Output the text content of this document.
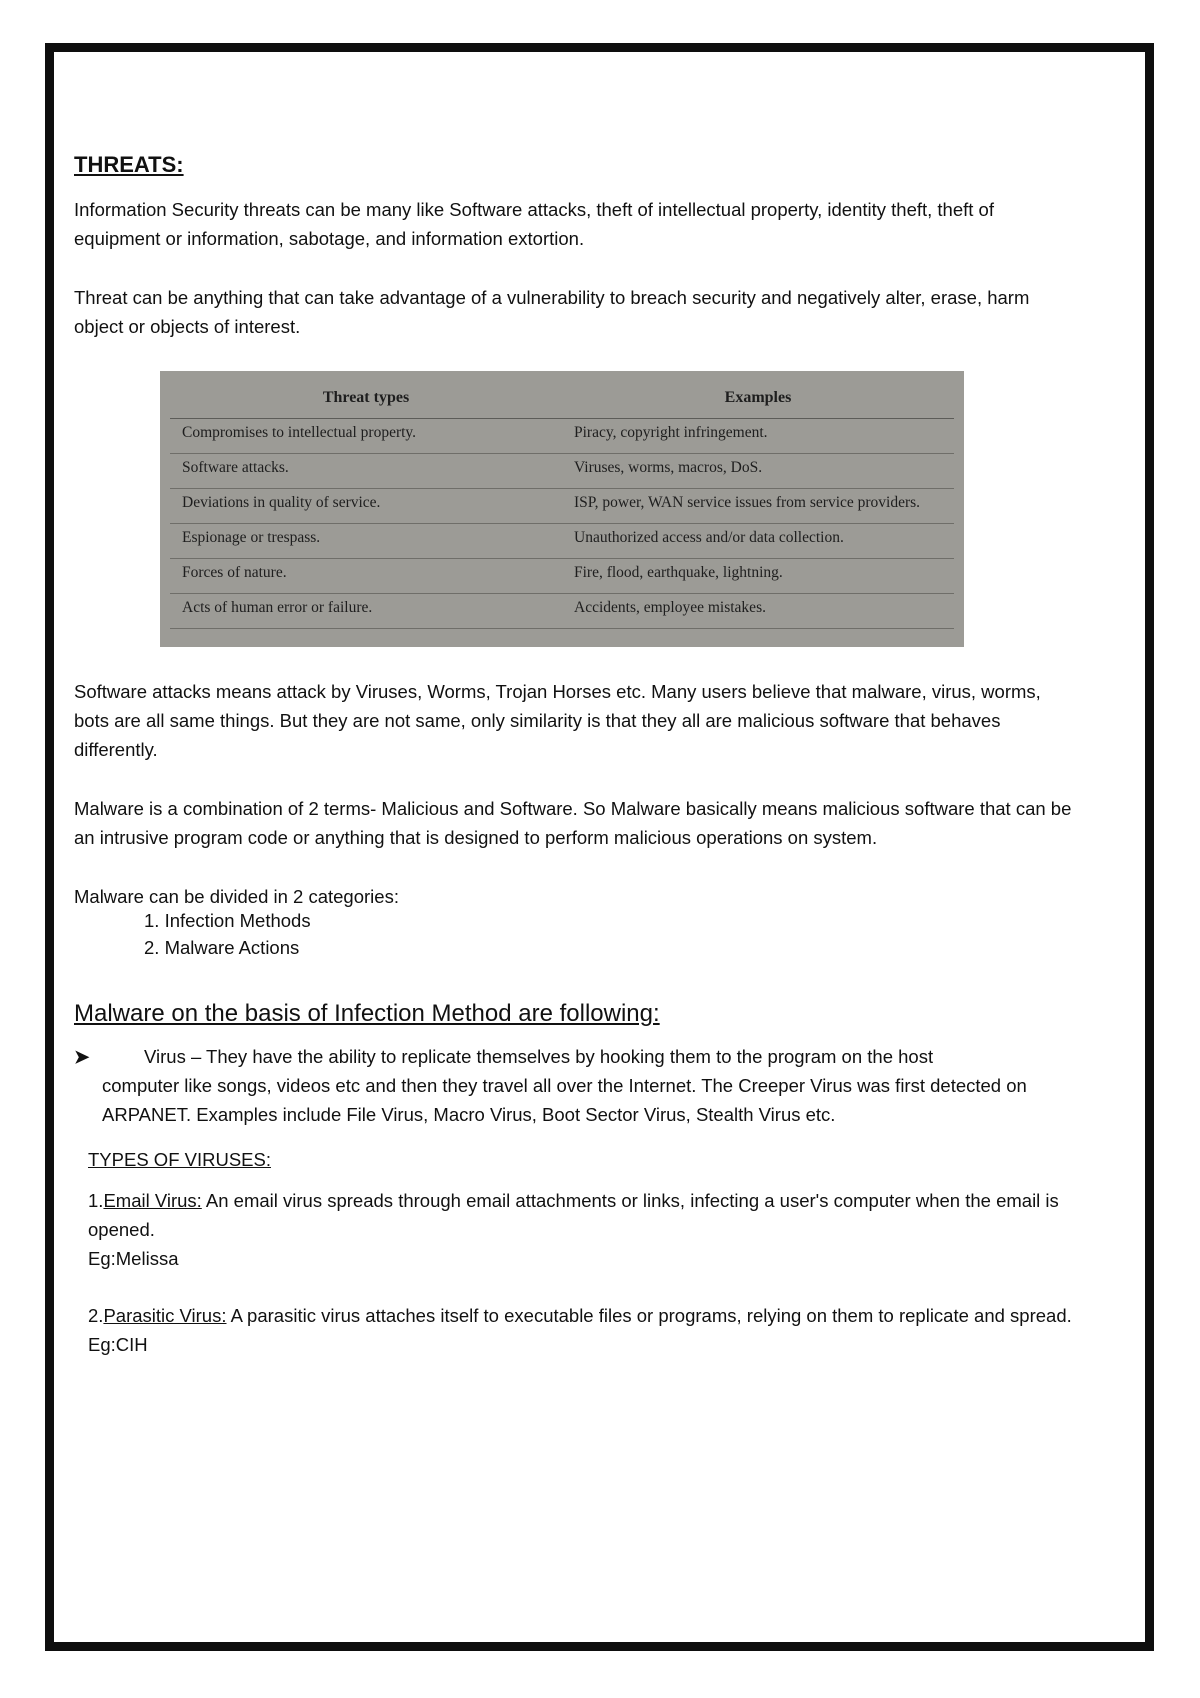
THREATS:

Information Security threats can be many like Software attacks, theft of intellectual property, identity theft, theft of equipment or information, sabotage, and information extortion.

Threat can be anything that can take advantage of a vulnerability to breach security and negatively alter, erase, harm object or objects of interest.

Threat types	Examples
Compromises to intellectual property.	Piracy, copyright infringement.
Software attacks.	Viruses, worms, macros, DoS.
Deviations in quality of service.	ISP, power, WAN service issues from service providers.
Espionage or trespass.	Unauthorized access and/or data collection.
Forces of nature.	Fire, flood, earthquake, lightning.
Acts of human error or failure.	Accidents, employee mistakes.

Software attacks means attack by Viruses, Worms, Trojan Horses etc. Many users believe that malware, virus, worms, bots are all same things. But they are not same, only similarity is that they all are malicious software that behaves differently.

Malware is a combination of 2 terms- Malicious and Software. So Malware basically means malicious software that can be an intrusive program code or anything that is designed to perform malicious operations on system.

Malware can be divided in 2 categories:
1. Infection Methods
2. Malware Actions
Malware on the basis of Infection Method are following:
➤	Virus – They have the ability to replicate themselves by hooking them to the program on the host
computer like songs, videos etc and then they travel all over the Internet. The Creeper Virus was first detected on ARPANET. Examples include File Virus, Macro Virus, Boot Sector Virus, Stealth Virus etc.
TYPES OF VIRUSES:

1.Email Virus: An email virus spreads through email attachments or links, infecting a user's computer when the email is opened.
Eg:Melissa

2.Parasitic Virus: A parasitic virus attaches itself to executable files or programs, relying on them to replicate and spread.
Eg:CIH
